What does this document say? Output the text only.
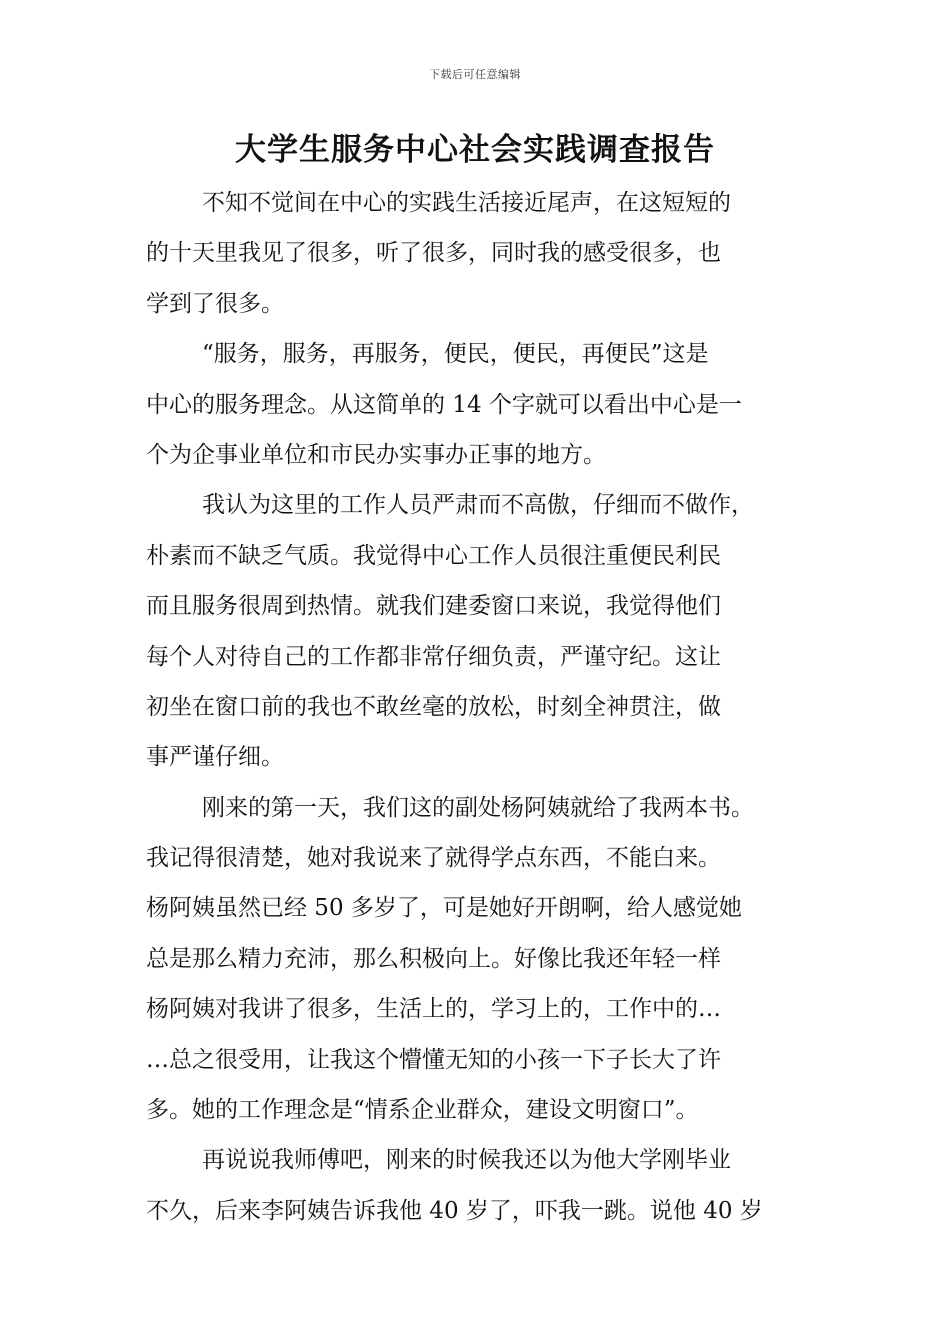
下载后可任意编辑
大学生服务中心社会实践调查报告
不知不觉间在中心的实践生活接近尾声，在这短短的
的十天里我见了很多，听了很多，同时我的感受很多，也
学到了很多。
“服务，服务，再服务，便民，便民，再便民”这是
中心的服务理念。从这简单的 14 个字就可以看出中心是一
个为企事业单位和市民办实事办正事的地方。
我认为这里的工作人员严肃而不高傲，仔细而不做作，
朴素而不缺乏气质。我觉得中心工作人员很注重便民利民
而且服务很周到热情。就我们建委窗口来说，我觉得他们
每个人对待自己的工作都非常仔细负责，严谨守纪。这让
初坐在窗口前的我也不敢丝毫的放松，时刻全神贯注，做
事严谨仔细。
刚来的第一天，我们这的副处杨阿姨就给了我两本书。
我记得很清楚，她对我说来了就得学点东西，不能白来。
杨阿姨虽然已经 50 多岁了，可是她好开朗啊，给人感觉她
总是那么精力充沛，那么积极向上。好像比我还年轻一样
杨阿姨对我讲了很多，生活上的，学习上的，工作中的…
…总之很受用，让我这个懵懂无知的小孩一下子长大了许
多。她的工作理念是“情系企业群众，建设文明窗口”。
再说说我师傅吧，刚来的时候我还以为他大学刚毕业
不久，后来李阿姨告诉我他 40 岁了，吓我一跳。说他 40 岁
